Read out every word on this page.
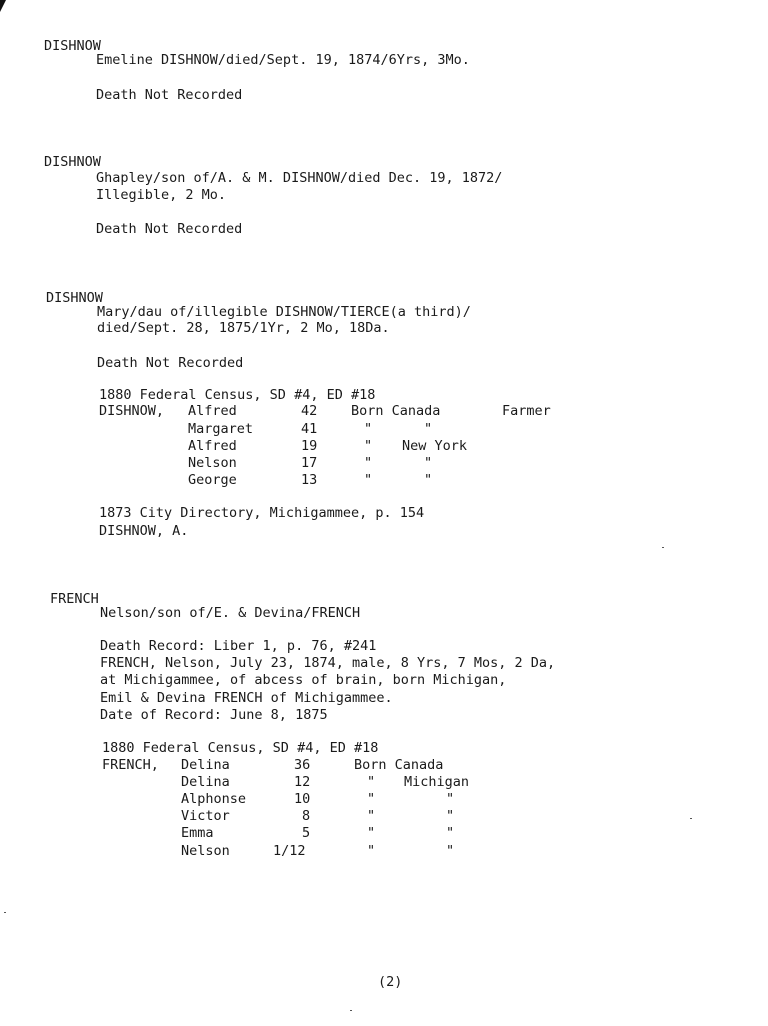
DISHNOW
Emeline DISHNOW/died/Sept. 19, 1874/6Yrs, 3Mo.
Death Not Recorded
DISHNOW
Ghapley/son of/A. & M. DISHNOW/died Dec. 19, 1872/
Illegible, 2 Mo.
Death Not Recorded
DISHNOW
Mary/dau of/illegible DISHNOW/TIERCE(a third)/
died/Sept. 28, 1875/1Yr, 2 Mo, 18Da.
Death Not Recorded
1880 Federal Census, SD #4, ED #18
DISHNOW, Alfred	42 Born Canada	Farmer
Margaret	41	"	"
Alfred	19	" New York
Nelson	17	"	"
George	13	"	"
1873 City Directory, Michigammee, p. 154
DISHNOW, A.
FRENCH
Nelson/son of/E. & Devina/FRENCH
Death Record: Liber 1, p. 76, #241
FRENCH, Nelson, July 23, 1874, male, 8 Yrs, 7 Mos, 2 Da,
at Michigammee, of abcess of brain, born Michigan,
Emil & Devina FRENCH of Michigammee.
Date of Record: June 8, 1875
1880 Federal Census, SD #4, ED #18
FRENCH, Delina	36	Born Canada
Delina	12	" Michigan
Alphonse	10	"	"
Victor	8	"	"
Emma	5	"	"
Nelson	1/12	"	"
(2)
